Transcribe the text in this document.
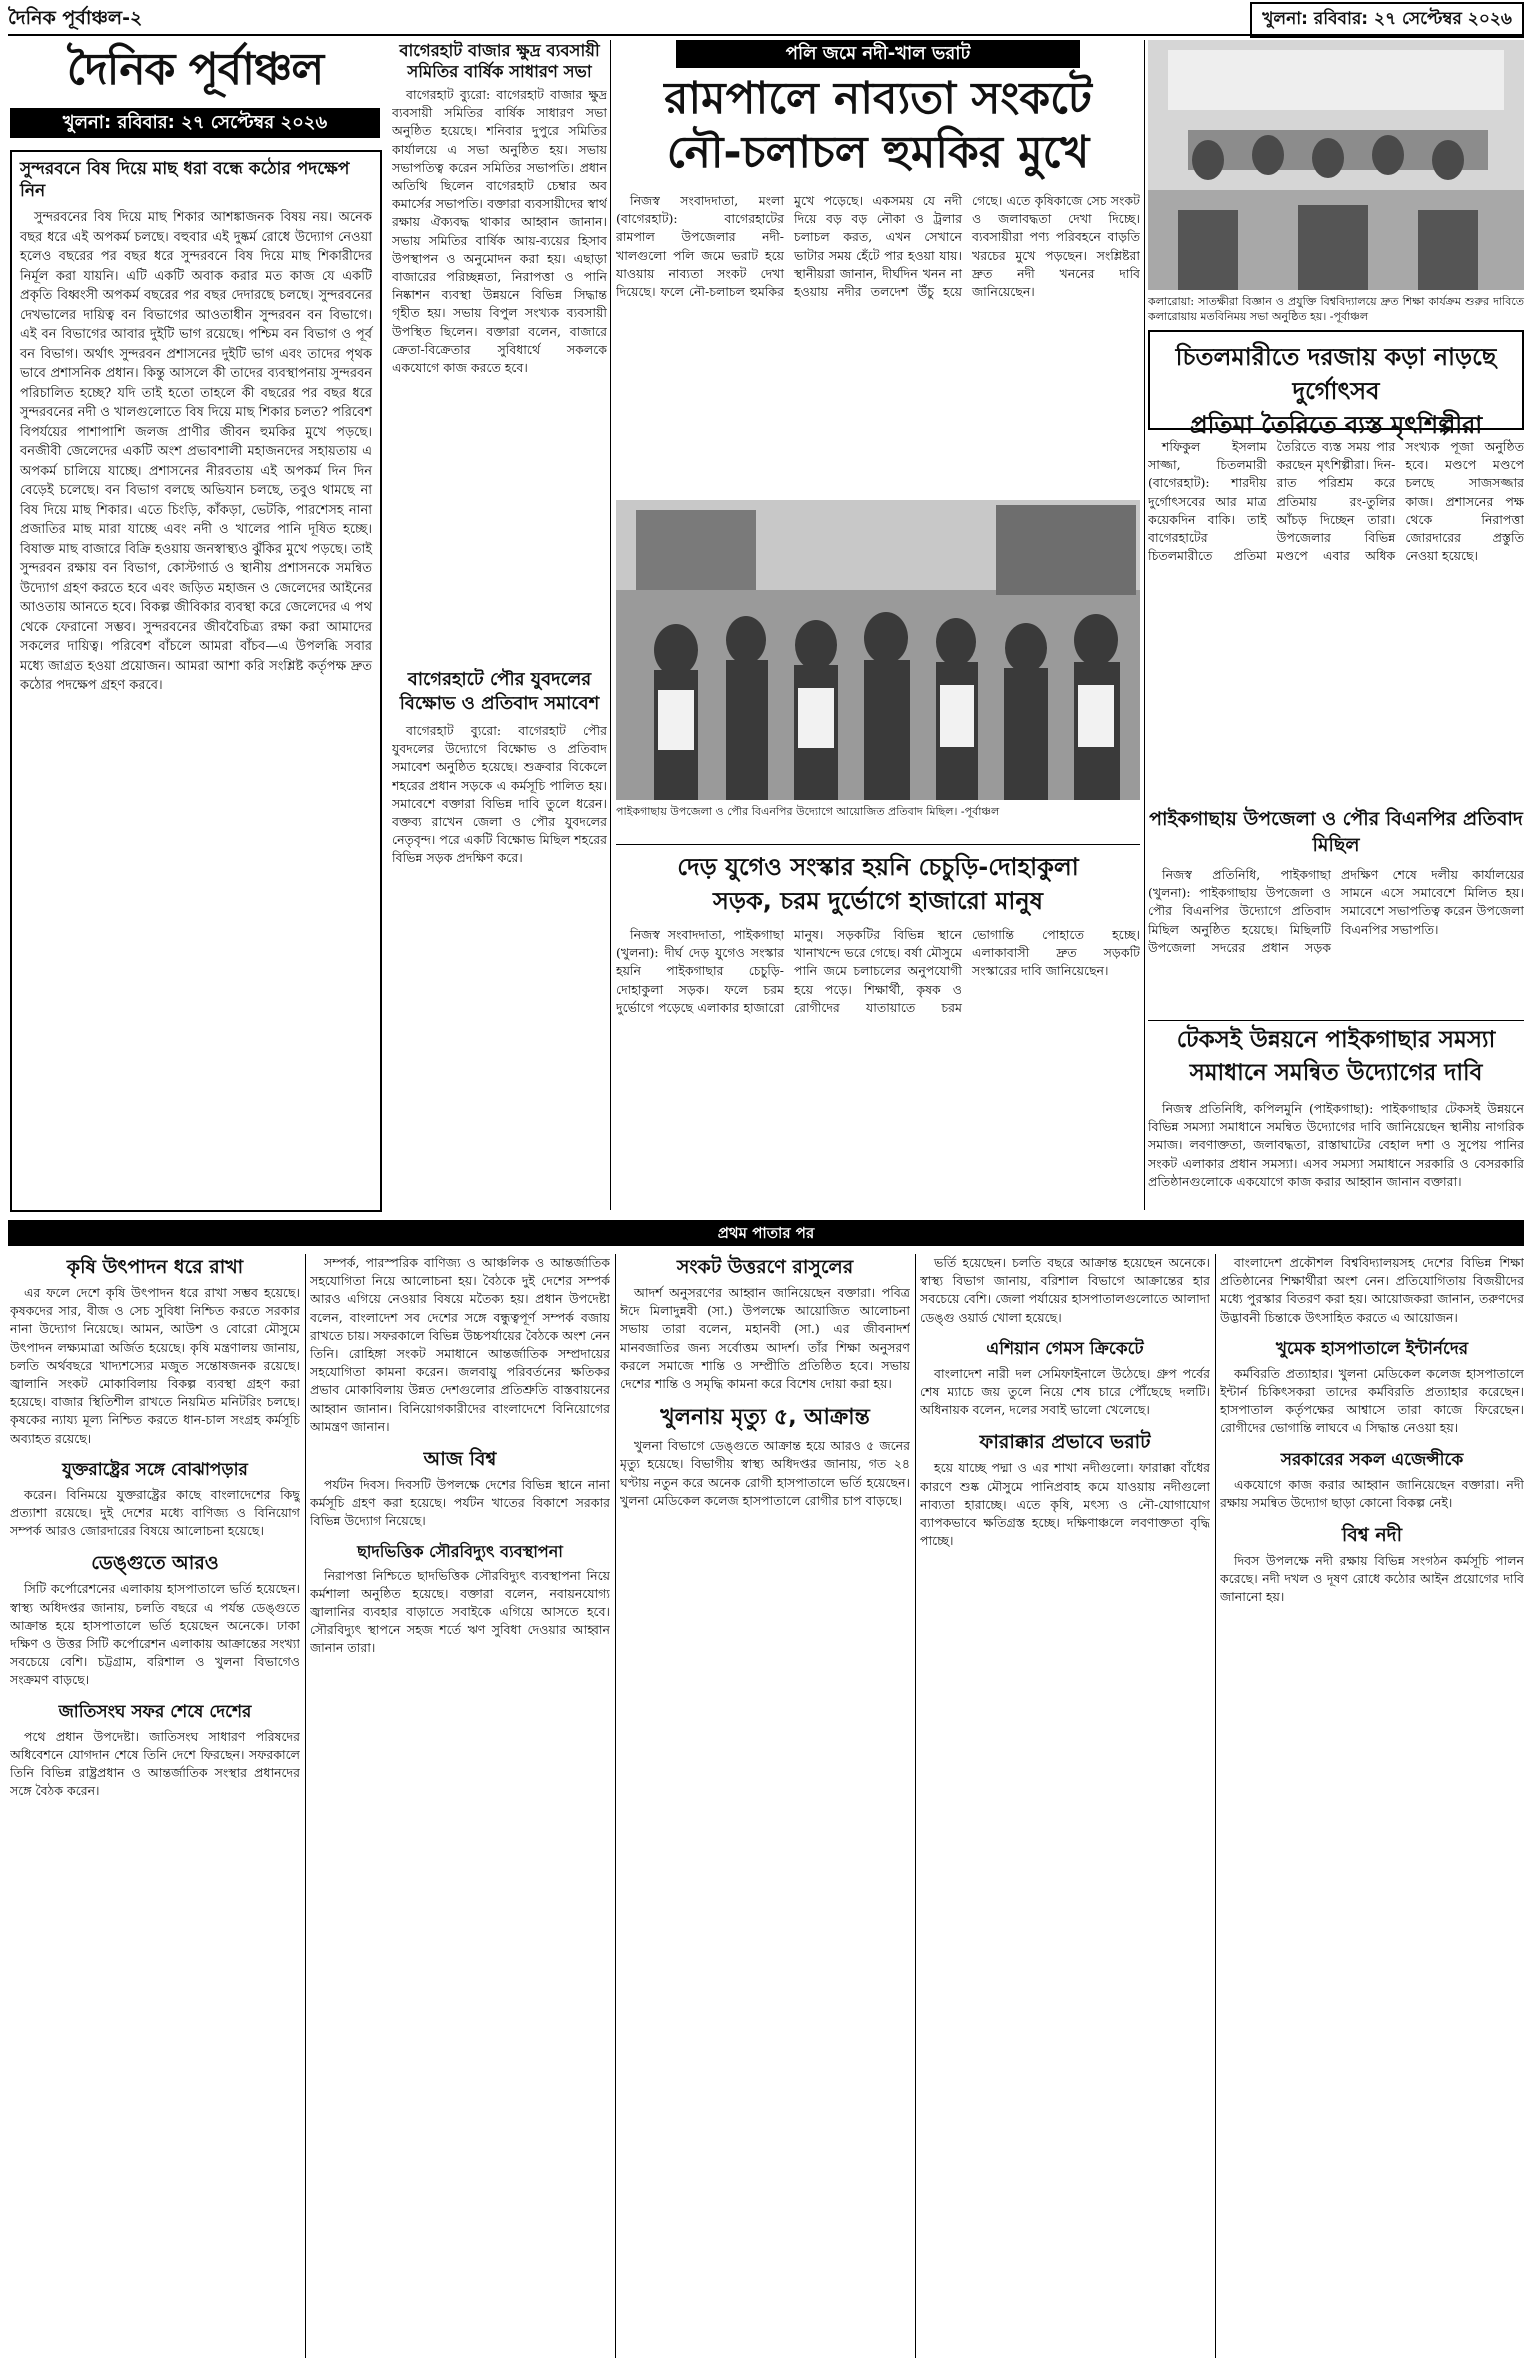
দৈনিক পূর্বাঞ্চল-২	খুলনা: রবিবার: ২৭ সেপ্টেম্বর ২০২৬
দৈনিক পূর্বাঞ্চল
খুলনা: রবিবার: ২৭ সেপ্টেম্বর ২০২৬
সুন্দরবনে বিষ দিয়ে মাছ ধরা বন্ধে কঠোর পদক্ষেপ নিন
সুন্দরবনের বিষ দিয়ে মাছ শিকার আশঙ্কাজনক বিষয় নয়। অনেক বছর ধরে এই অপকর্ম চলছে। বহুবার এই দুষ্কর্ম রোধে উদ্যোগ নেওয়া হলেও বছরের পর বছর ধরে সুন্দরবনে বিষ দিয়ে মাছ শিকারীদের নির্মূল করা যায়নি। এটি একটি অবাক করার মত কাজ যে একটি প্রকৃতি বিধ্বংসী অপকর্ম বছরের পর বছর দেদারছে চলছে। সুন্দরবনের দেখভালের দায়িত্ব বন বিভাগের আওতাধীন সুন্দরবন বন বিভাগে। এই বন বিভাগের আবার দুইটি ভাগ রয়েছে। পশ্চিম বন বিভাগ ও পূর্ব বন বিভাগ। অর্থাৎ সুন্দরবন প্রশাসনের দুইটি ভাগ এবং তাদের পৃথক ভাবে প্রশাসনিক প্রধান। কিন্তু আসলে কী তাদের ব্যবস্থাপনায় সুন্দরবন পরিচালিত হচ্ছে? যদি তাই হতো তাহলে কী বছরের পর বছর ধরে সুন্দরবনের নদী ও খালগুলোতে বিষ দিয়ে মাছ শিকার চলত? পরিবেশ বিপর্যয়ের পাশাপাশি জলজ প্রাণীর জীবন হুমকির মুখে পড়ছে। বনজীবী জেলেদের একটি অংশ প্রভাবশালী মহাজনদের সহায়তায় এ অপকর্ম চালিয়ে যাচ্ছে। প্রশাসনের নীরবতায় এই অপকর্ম দিন দিন বেড়েই চলেছে। বন বিভাগ বলছে অভিযান চলছে, তবুও থামছে না বিষ দিয়ে মাছ শিকার। এতে চিংড়ি, কাঁকড়া, ভেটকি, পারশেসহ নানা প্রজাতির মাছ মারা যাচ্ছে এবং নদী ও খালের পানি দূষিত হচ্ছে। বিষাক্ত মাছ বাজারে বিক্রি হওয়ায় জনস্বাস্থ্যও ঝুঁকির মুখে পড়ছে। তাই সুন্দরবন রক্ষায় বন বিভাগ, কোস্টগার্ড ও স্থানীয় প্রশাসনকে সমন্বিত উদ্যোগ গ্রহণ করতে হবে এবং জড়িত মহাজন ও জেলেদের আইনের আওতায় আনতে হবে। বিকল্প জীবিকার ব্যবস্থা করে জেলেদের এ পথ থেকে ফেরানো সম্ভব। সুন্দরবনের জীববৈচিত্র্য রক্ষা করা আমাদের সকলের দায়িত্ব। পরিবেশ বাঁচলে আমরা বাঁচব—এ উপলব্ধি সবার মধ্যে জাগ্রত হওয়া প্রয়োজন। আমরা আশা করি সংশ্লিষ্ট কর্তৃপক্ষ দ্রুত কঠোর পদক্ষেপ গ্রহণ করবে।
বাগেরহাট বাজার ক্ষুদ্র ব্যবসায়ী সমিতির বার্ষিক সাধারণ সভা
বাগেরহাট ব্যুরো: বাগেরহাট বাজার ক্ষুদ্র ব্যবসায়ী সমিতির বার্ষিক সাধারণ সভা অনুষ্ঠিত হয়েছে। শনিবার দুপুরে সমিতির কার্যালয়ে এ সভা অনুষ্ঠিত হয়। সভায় সভাপতিত্ব করেন সমিতির সভাপতি। প্রধান অতিথি ছিলেন বাগেরহাট চেম্বার অব কমার্সের সভাপতি। বক্তারা ব্যবসায়ীদের স্বার্থ রক্ষায় ঐক্যবদ্ধ থাকার আহ্বান জানান। সভায় সমিতির বার্ষিক আয়-ব্যয়ের হিসাব উপস্থাপন ও অনুমোদন করা হয়। এছাড়া বাজারের পরিচ্ছন্নতা, নিরাপত্তা ও পানি নিষ্কাশন ব্যবস্থা উন্নয়নে বিভিন্ন সিদ্ধান্ত গৃহীত হয়। সভায় বিপুল সংখ্যক ব্যবসায়ী উপস্থিত ছিলেন। বক্তারা বলেন, বাজারে ক্রেতা-বিক্রেতার সুবিধার্থে সকলকে একযোগে কাজ করতে হবে।
পলি জমে নদী-খাল ভরাট
রামপালে নাব্যতা সংকটে
নৌ-চলাচল হুমকির মুখে
নিজস্ব সংবাদদাতা, মংলা (বাগেরহাট): বাগেরহাটের রামপাল উপজেলার নদী-খালগুলো পলি জমে ভরাট হয়ে যাওয়ায় নাব্যতা সংকট দেখা দিয়েছে। ফলে নৌ-চলাচল হুমকির মুখে পড়েছে। একসময় যে নদী দিয়ে বড় বড় নৌকা ও ট্রলার চলাচল করত, এখন সেখানে ভাটার সময় হেঁটে পার হওয়া যায়। স্থানীয়রা জানান, দীর্ঘদিন খনন না হওয়ায় নদীর তলদেশ উঁচু হয়ে গেছে। এতে কৃষিকাজে সেচ সংকট ও জলাবদ্ধতা দেখা দিচ্ছে। ব্যবসায়ীরা পণ্য পরিবহনে বাড়তি খরচের মুখে পড়ছেন। সংশ্লিষ্টরা দ্রুত নদী খননের দাবি জানিয়েছেন।
পাইকগাছায় উপজেলা ও পৌর বিএনপির উদ্যোগে আয়োজিত প্রতিবাদ মিছিল। -পূর্বাঞ্চল
কলারোয়া: সাতক্ষীরা বিজ্ঞান ও প্রযুক্তি বিশ্ববিদ্যালয়ে দ্রুত শিক্ষা কার্যক্রম শুরুর দাবিতে কলারোয়ায় মতবিনিময় সভা অনুষ্ঠিত হয়। -পূর্বাঞ্চল
চিতলমারীতে দরজায় কড়া নাড়ছে দুর্গোৎসব
প্রতিমা তৈরিতে ব্যস্ত মৃৎশিল্পীরা
শফিকুল ইসলাম সাজ্জা, চিতলমারী (বাগেরহাট): শারদীয় দুর্গোৎসবের আর মাত্র কয়েকদিন বাকি। তাই বাগেরহাটের চিতলমারীতে প্রতিমা তৈরিতে ব্যস্ত সময় পার করছেন মৃৎশিল্পীরা। দিন-রাত পরিশ্রম করে প্রতিমায় রং-তুলির আঁচড় দিচ্ছেন তারা। উপজেলার বিভিন্ন মণ্ডপে এবার অধিক সংখ্যক পূজা অনুষ্ঠিত হবে। মণ্ডপে মণ্ডপে চলছে সাজসজ্জার কাজ। প্রশাসনের পক্ষ থেকে নিরাপত্তা জোরদারের প্রস্তুতি নেওয়া হয়েছে।
দেড় যুগেও সংস্কার হয়নি চেচুড়ি-দোহাকুলা
সড়ক, চরম দুর্ভোগে হাজারো মানুষ
নিজস্ব সংবাদদাতা, পাইকগাছা (খুলনা): দীর্ঘ দেড় যুগেও সংস্কার হয়নি পাইকগাছার চেচুড়ি-দোহাকুলা সড়ক। ফলে চরম দুর্ভোগে পড়েছে এলাকার হাজারো মানুষ। সড়কটির বিভিন্ন স্থানে খানাখন্দে ভরে গেছে। বর্ষা মৌসুমে পানি জমে চলাচলের অনুপযোগী হয়ে পড়ে। শিক্ষার্থী, কৃষক ও রোগীদের যাতায়াতে চরম ভোগান্তি পোহাতে হচ্ছে। এলাকাবাসী দ্রুত সড়কটি সংস্কারের দাবি জানিয়েছেন।
বাগেরহাটে পৌর যুবদলের বিক্ষোভ ও প্রতিবাদ সমাবেশ
বাগেরহাট ব্যুরো: বাগেরহাট পৌর যুবদলের উদ্যোগে বিক্ষোভ ও প্রতিবাদ সমাবেশ অনুষ্ঠিত হয়েছে। শুক্রবার বিকেলে শহরের প্রধান সড়কে এ কর্মসূচি পালিত হয়। সমাবেশে বক্তারা বিভিন্ন দাবি তুলে ধরেন। বক্তব্য রাখেন জেলা ও পৌর যুবদলের নেতৃবৃন্দ। পরে একটি বিক্ষোভ মিছিল শহরের বিভিন্ন সড়ক প্রদক্ষিণ করে।
পাইকগাছায় উপজেলা ও পৌর বিএনপির প্রতিবাদ মিছিল
নিজস্ব প্রতিনিধি, পাইকগাছা (খুলনা): পাইকগাছায় উপজেলা ও পৌর বিএনপির উদ্যোগে প্রতিবাদ মিছিল অনুষ্ঠিত হয়েছে। মিছিলটি উপজেলা সদরের প্রধান সড়ক প্রদক্ষিণ শেষে দলীয় কার্যালয়ের সামনে এসে সমাবেশে মিলিত হয়। সমাবেশে সভাপতিত্ব করেন উপজেলা বিএনপির সভাপতি।
টেকসই উন্নয়নে পাইকগাছার সমস্যা
সমাধানে সমন্বিত উদ্যোগের দাবি
নিজস্ব প্রতিনিধি, কপিলমুনি (পাইকগাছা): পাইকগাছার টেকসই উন্নয়নে বিভিন্ন সমস্যা সমাধানে সমন্বিত উদ্যোগের দাবি জানিয়েছেন স্থানীয় নাগরিক সমাজ। লবণাক্ততা, জলাবদ্ধতা, রাস্তাঘাটের বেহাল দশা ও সুপেয় পানির সংকট এলাকার প্রধান সমস্যা। এসব সমস্যা সমাধানে সরকারি ও বেসরকারি প্রতিষ্ঠানগুলোকে একযোগে কাজ করার আহ্বান জানান বক্তারা।
প্রথম পাতার পর
কৃষি উৎপাদন ধরে রাখা
এর ফলে দেশে কৃষি উৎপাদন ধরে রাখা সম্ভব হয়েছে। কৃষকদের সার, বীজ ও সেচ সুবিধা নিশ্চিত করতে সরকার নানা উদ্যোগ নিয়েছে। আমন, আউশ ও বোরো মৌসুমে উৎপাদন লক্ষ্যমাত্রা অর্জিত হয়েছে। কৃষি মন্ত্রণালয় জানায়, চলতি অর্থবছরে খাদ্যশস্যের মজুত সন্তোষজনক রয়েছে। জ্বালানি সংকট মোকাবিলায় বিকল্প ব্যবস্থা গ্রহণ করা হয়েছে। বাজার স্থিতিশীল রাখতে নিয়মিত মনিটরিং চলছে। কৃষকের ন্যায্য মূল্য নিশ্চিত করতে ধান-চাল সংগ্রহ কর্মসূচি অব্যাহত রয়েছে।
যুক্তরাষ্ট্রের সঙ্গে বোঝাপড়ার
করেন। বিনিময়ে যুক্তরাষ্ট্রের কাছে বাংলাদেশের কিছু প্রত্যাশা রয়েছে। দুই দেশের মধ্যে বাণিজ্য ও বিনিয়োগ সম্পর্ক আরও জোরদারের বিষয়ে আলোচনা হয়েছে।
ডেঙ্গুতে আরও
সিটি কর্পোরেশনের এলাকায় হাসপাতালে ভর্তি হয়েছেন। স্বাস্থ্য অধিদপ্তর জানায়, চলতি বছরে এ পর্যন্ত ডেঙ্গুতে আক্রান্ত হয়ে হাসপাতালে ভর্তি হয়েছেন অনেকে। ঢাকা দক্ষিণ ও উত্তর সিটি কর্পোরেশন এলাকায় আক্রান্তের সংখ্যা সবচেয়ে বেশি। চট্টগ্রাম, বরিশাল ও খুলনা বিভাগেও সংক্রমণ বাড়ছে।
জাতিসংঘ সফর শেষে দেশের
পথে প্রধান উপদেষ্টা। জাতিসংঘ সাধারণ পরিষদের অধিবেশনে যোগদান শেষে তিনি দেশে ফিরছেন। সফরকালে তিনি বিভিন্ন রাষ্ট্রপ্রধান ও আন্তর্জাতিক সংস্থার প্রধানদের সঙ্গে বৈঠক করেন।
সম্পর্ক, পারস্পরিক বাণিজ্য ও আঞ্চলিক ও আন্তর্জাতিক সহযোগিতা নিয়ে আলোচনা হয়। বৈঠকে দুই দেশের সম্পর্ক আরও এগিয়ে নেওয়ার বিষয়ে মতৈক্য হয়। প্রধান উপদেষ্টা বলেন, বাংলাদেশ সব দেশের সঙ্গে বন্ধুত্বপূর্ণ সম্পর্ক বজায় রাখতে চায়। সফরকালে বিভিন্ন উচ্চপর্যায়ের বৈঠকে অংশ নেন তিনি। রোহিঙ্গা সংকট সমাধানে আন্তর্জাতিক সম্প্রদায়ের সহযোগিতা কামনা করেন। জলবায়ু পরিবর্তনের ক্ষতিকর প্রভাব মোকাবিলায় উন্নত দেশগুলোর প্রতিশ্রুতি বাস্তবায়নের আহ্বান জানান। বিনিয়োগকারীদের বাংলাদেশে বিনিয়োগের আমন্ত্রণ জানান।
আজ বিশ্ব
পর্যটন দিবস। দিবসটি উপলক্ষে দেশের বিভিন্ন স্থানে নানা কর্মসূচি গ্রহণ করা হয়েছে। পর্যটন খাতের বিকাশে সরকার বিভিন্ন উদ্যোগ নিয়েছে।
ছাদভিত্তিক সৌরবিদ্যুৎ ব্যবস্থাপনা
নিরাপত্তা নিশ্চিতে ছাদভিত্তিক সৌরবিদ্যুৎ ব্যবস্থাপনা নিয়ে কর্মশালা অনুষ্ঠিত হয়েছে। বক্তারা বলেন, নবায়নযোগ্য জ্বালানির ব্যবহার বাড়াতে সবাইকে এগিয়ে আসতে হবে। সৌরবিদ্যুৎ স্থাপনে সহজ শর্তে ঋণ সুবিধা দেওয়ার আহ্বান জানান তারা।
সংকট উত্তরণে রাসুলের
আদর্শ অনুসরণের আহ্বান জানিয়েছেন বক্তারা। পবিত্র ঈদে মিলাদুন্নবী (সা.) উপলক্ষে আয়োজিত আলোচনা সভায় তারা বলেন, মহানবী (সা.) এর জীবনাদর্শ মানবজাতির জন্য সর্বোত্তম আদর্শ। তাঁর শিক্ষা অনুসরণ করলে সমাজে শান্তি ও সম্প্রীতি প্রতিষ্ঠিত হবে। সভায় দেশের শান্তি ও সমৃদ্ধি কামনা করে বিশেষ দোয়া করা হয়।
খুলনায় মৃত্যু ৫, আক্রান্ত
খুলনা বিভাগে ডেঙ্গুতে আক্রান্ত হয়ে আরও ৫ জনের মৃত্যু হয়েছে। বিভাগীয় স্বাস্থ্য অধিদপ্তর জানায়, গত ২৪ ঘণ্টায় নতুন করে অনেক রোগী হাসপাতালে ভর্তি হয়েছেন। খুলনা মেডিকেল কলেজ হাসপাতালে রোগীর চাপ বাড়ছে।
ভর্তি হয়েছেন। চলতি বছরে আক্রান্ত হয়েছেন অনেকে। স্বাস্থ্য বিভাগ জানায়, বরিশাল বিভাগে আক্রান্তের হার সবচেয়ে বেশি। জেলা পর্যায়ের হাসপাতালগুলোতে আলাদা ডেঙ্গু ওয়ার্ড খোলা হয়েছে।
এশিয়ান গেমস ক্রিকেটে
বাংলাদেশ নারী দল সেমিফাইনালে উঠেছে। গ্রুপ পর্বের শেষ ম্যাচে জয় তুলে নিয়ে শেষ চারে পৌঁছেছে দলটি। অধিনায়ক বলেন, দলের সবাই ভালো খেলেছে।
ফারাক্কার প্রভাবে ভরাট
হয়ে যাচ্ছে পদ্মা ও এর শাখা নদীগুলো। ফারাক্কা বাঁধের কারণে শুষ্ক মৌসুমে পানিপ্রবাহ কমে যাওয়ায় নদীগুলো নাব্যতা হারাচ্ছে। এতে কৃষি, মৎস্য ও নৌ-যোগাযোগ ব্যাপকভাবে ক্ষতিগ্রস্ত হচ্ছে। দক্ষিণাঞ্চলে লবণাক্ততা বৃদ্ধি পাচ্ছে।
বাংলাদেশ প্রকৌশল বিশ্ববিদ্যালয়সহ দেশের বিভিন্ন শিক্ষা প্রতিষ্ঠানের শিক্ষার্থীরা অংশ নেন। প্রতিযোগিতায় বিজয়ীদের মধ্যে পুরস্কার বিতরণ করা হয়। আয়োজকরা জানান, তরুণদের উদ্ভাবনী চিন্তাকে উৎসাহিত করতে এ আয়োজন।
খুমেক হাসপাতালে ইন্টার্নদের
কর্মবিরতি প্রত্যাহার। খুলনা মেডিকেল কলেজ হাসপাতালে ইন্টার্ন চিকিৎসকরা তাদের কর্মবিরতি প্রত্যাহার করেছেন। হাসপাতাল কর্তৃপক্ষের আশ্বাসে তারা কাজে ফিরেছেন। রোগীদের ভোগান্তি লাঘবে এ সিদ্ধান্ত নেওয়া হয়।
সরকারের সকল এজেন্সীকে
একযোগে কাজ করার আহ্বান জানিয়েছেন বক্তারা। নদী রক্ষায় সমন্বিত উদ্যোগ ছাড়া কোনো বিকল্প নেই।
বিশ্ব নদী
দিবস উপলক্ষে নদী রক্ষায় বিভিন্ন সংগঠন কর্মসূচি পালন করেছে। নদী দখল ও দূষণ রোধে কঠোর আইন প্রয়োগের দাবি জানানো হয়।
